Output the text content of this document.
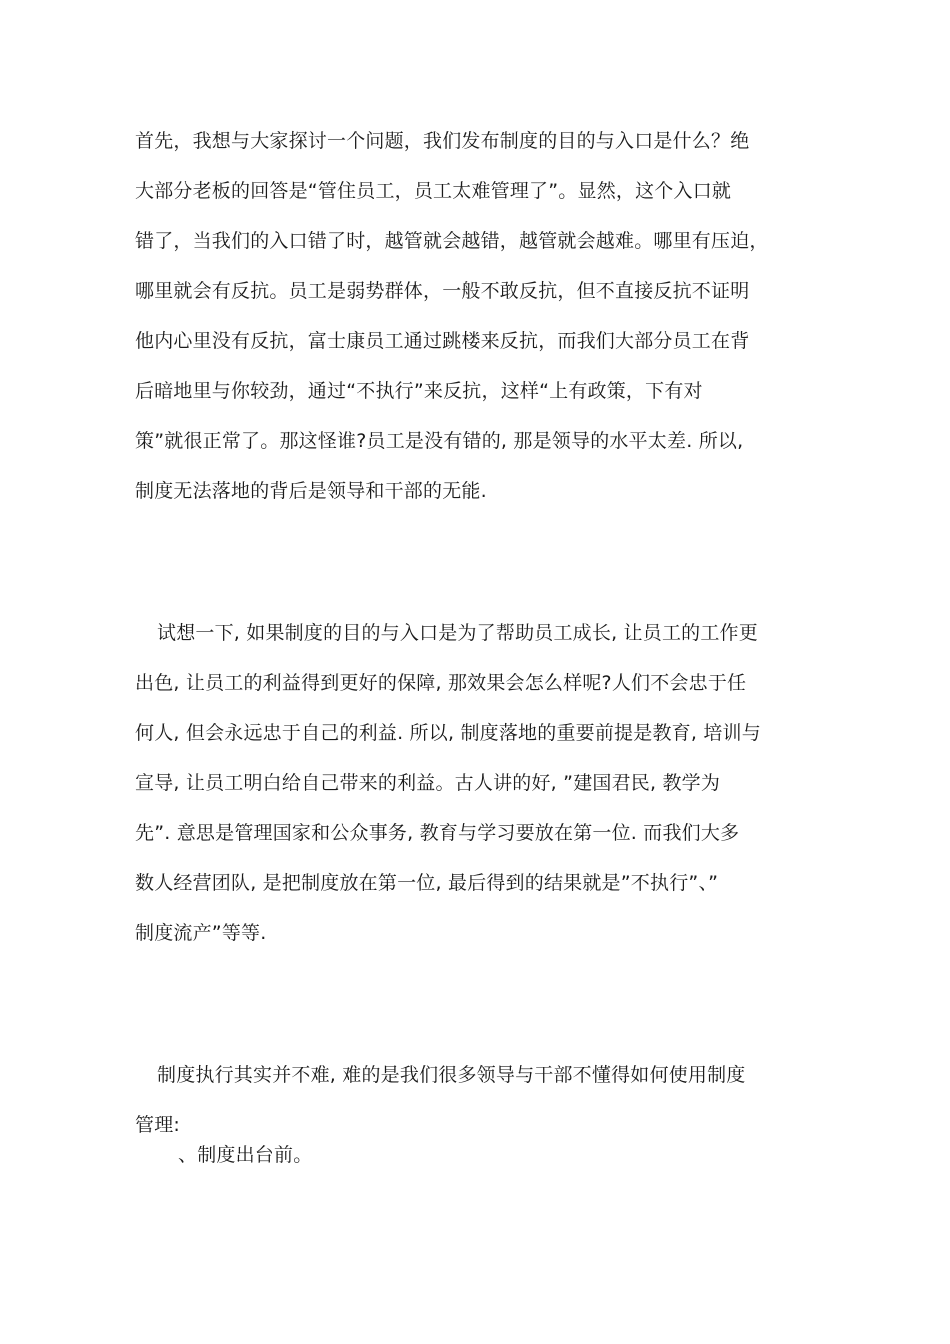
首先，我想与大家探讨一个问题，我们发布制度的目的与入口是什么？绝

大部分老板的回答是“管住员工，员工太难管理了”。显然，这个入口就

错了，当我们的入口错了时，越管就会越错，越管就会越难。哪里有压迫，

哪里就会有反抗。员工是弱势群体，一般不敢反抗，但不直接反抗不证明

他内心里没有反抗，富士康员工通过跳楼来反抗，而我们大部分员工在背

后暗地里与你较劲，通过“不执行”来反抗，这样“上有政策，下有对

策”就很正常了。那这怪谁?员工是没有错的, 那是领导的水平太差. 所以,

制度无法落地的背后是领导和干部的无能.

试想一下, 如果制度的目的与入口是为了帮助员工成长, 让员工的工作更

出色, 让员工的利益得到更好的保障, 那效果会怎么样呢?人们不会忠于任

何人, 但会永远忠于自己的利益. 所以, 制度落地的重要前提是教育, 培训与

宣导, 让员工明白给自己带来的利益。古人讲的好, ”建国君民, 教学为

先”. 意思是管理国家和公众事务, 教育与学习要放在第一位. 而我们大多

数人经营团队, 是把制度放在第一位, 最后得到的结果就是”不执行”、”

制度流产”等等.

制度执行其实并不难, 难的是我们很多领导与干部不懂得如何使用制度

管理:

、制度出台前。
